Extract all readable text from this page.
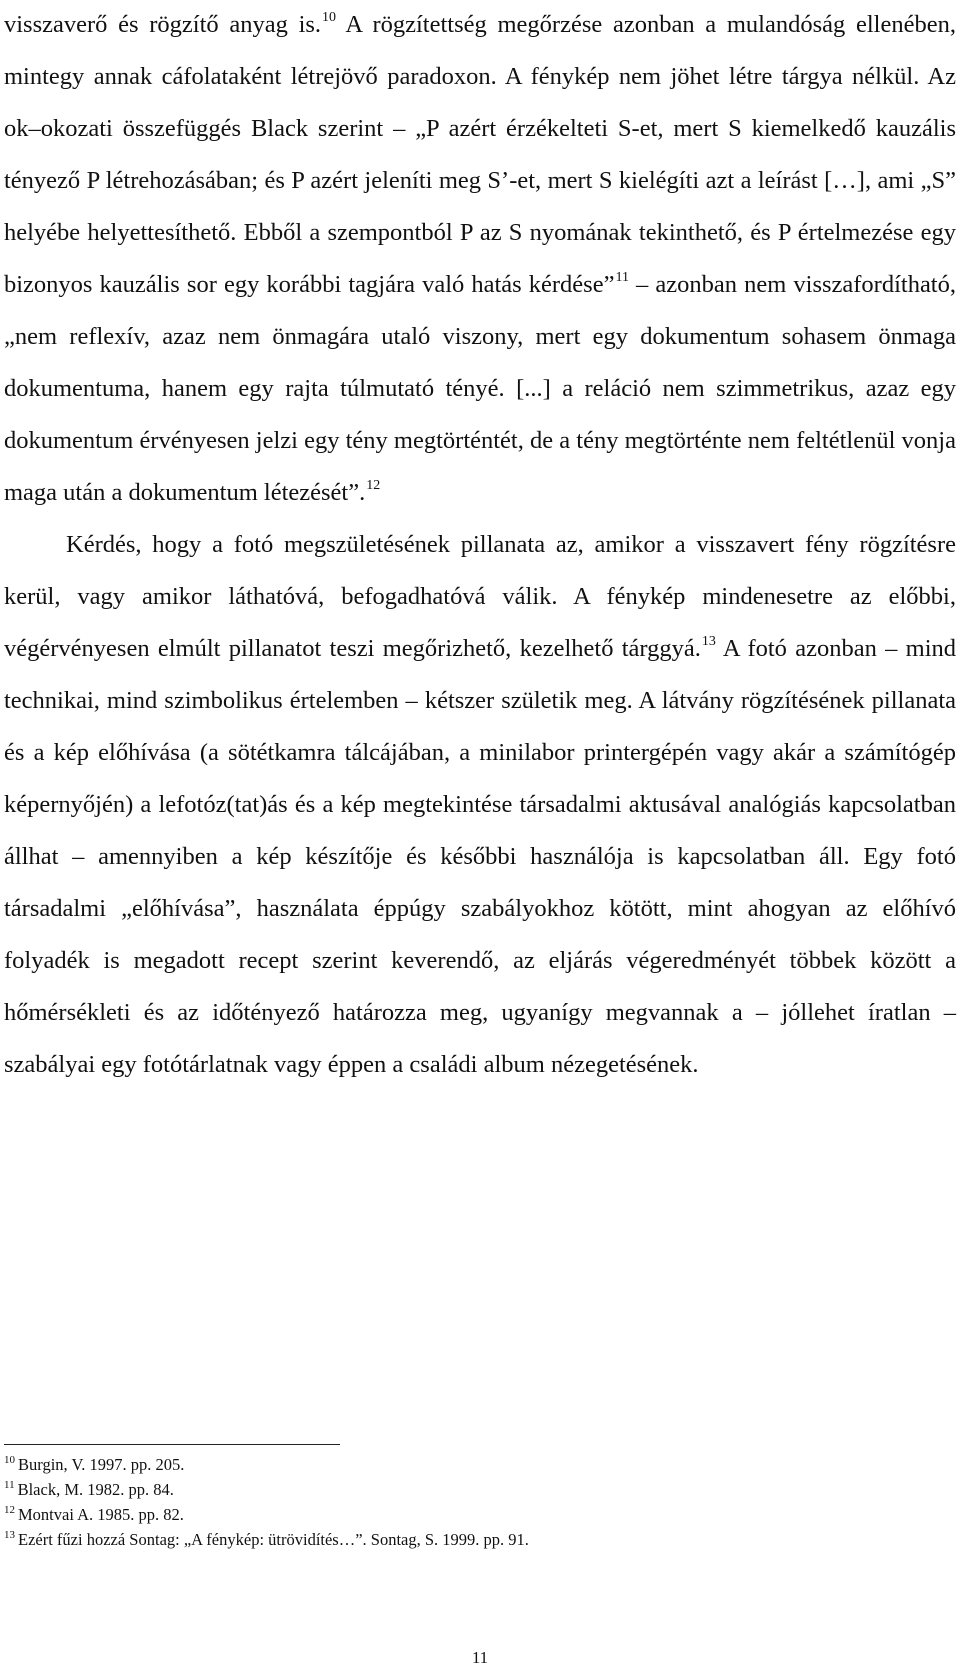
visszaverő és rögzítő anyag is.$^{10}$ A rögzítettség megőrzése azonban a mulandóság ellenében, mintegy annak cáfolataként létrejövő paradoxon. A fénykép nem jöhet létre tárgya nélkül. Az ok–okozati összefüggés Black szerint – „P azért érzékelteti S-et, mert S kiemelkedő kauzális tényező P létrehozásában; és P azért jeleníti meg S’-et, mert S kielégíti azt a leírást […], ami „S” helyébe helyettesíthető. Ebből a szempontból P az S nyomának tekinthető, és P értelmezése egy bizonyos kauzális sor egy korábbi tagjára való hatás kérdése”$^{11}$ – azonban nem visszafordítható, „nem reflexív, azaz nem önmagára utaló viszony, mert egy dokumentum sohasem önmaga dokumentuma, hanem egy rajta túlmutató tényé. [...] a reláció nem szimmetrikus, azaz egy dokumentum érvényesen jelzi egy tény megtörténtét, de a tény megtörténte nem feltétlenül vonja maga után a dokumentum létezését”.$^{12}$

Kérdés, hogy a fotó megszületésének pillanata az, amikor a visszavert fény rögzítésre kerül, vagy amikor láthatóvá, befogadhatóvá válik. A fénykép mindenesetre az előbbi, végérvényesen elmúlt pillanatot teszi megőrizhető, kezelhető tárggyá.$^{13}$ A fotó azonban – mind technikai, mind szimbolikus értelemben – kétszer születik meg. A látvány rögzítésének pillanata és a kép előhívása (a sötétkamra tálcájában, a minilabor printergépén vagy akár a számítógép képernyőjén) a lefotóz(tat)ás és a kép megtekintése társadalmi aktusával analógiás kapcsolatban állhat – amennyiben a kép készítője és későbbi használója is kapcsolatban áll. Egy fotó társadalmi „előhívása”, használata éppúgy szabályokhoz kötött, mint ahogyan az előhívó folyadék is megadott recept szerint keverendő, az eljárás végeredményét többek között a hőmérsékleti és az időtényező határozza meg, ugyanígy megvannak a – jóllehet íratlan – szabályai egy fotótárlatnak vagy éppen a családi album nézegetésének.

$^{10}$ Burgin, V. 1997. pp. 205.
$^{11}$ Black, M. 1982. pp. 84.
$^{12}$ Montvai A. 1985. pp. 82.
$^{13}$ Ezért fűzi hozzá Sontag: „A fénykép: ütrövidítés…”. Sontag, S. 1999. pp. 91.
11
